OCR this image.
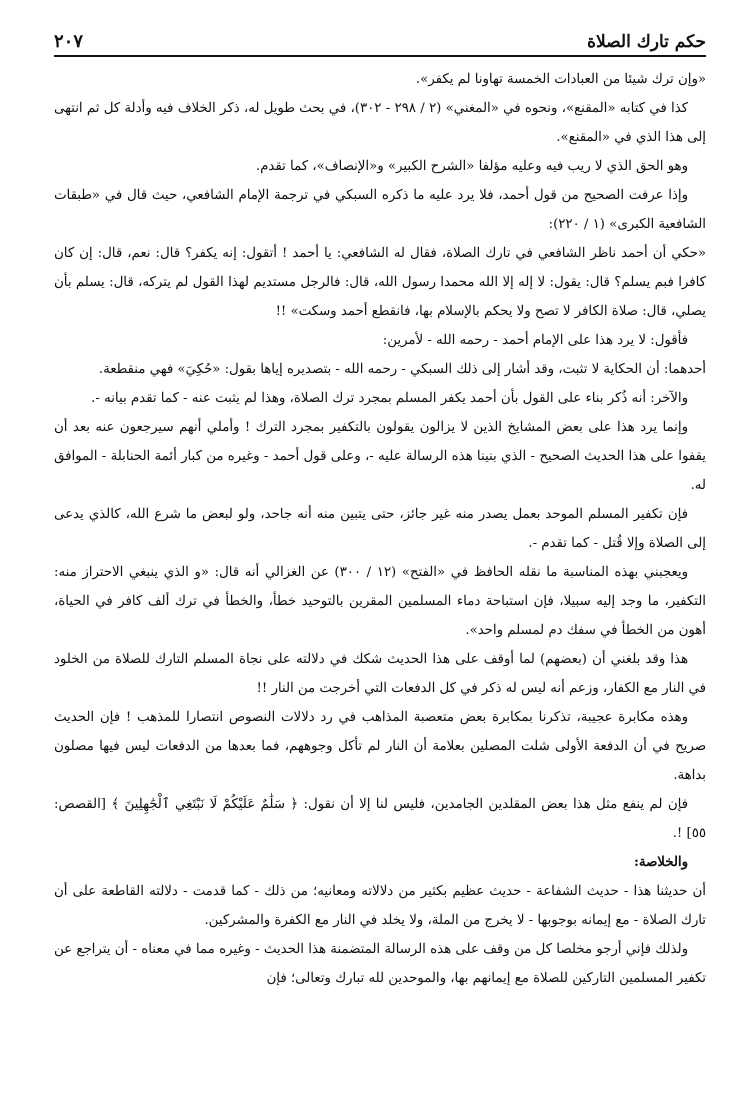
حكم تارك الصلاة
٢٠٧

«وإن ترك شيئا من العبادات الخمسة تهاونا لم يكفر».

كذا في كتابه «المقنع»، ونحوه في «المغني» (٢ / ٢٩٨ - ٣٠٢)، في بحث طويل له، ذكر الخلاف فيه وأدلة كل ثم انتهى إلى هذا الذي في «المقنع».

وهو الحق الذي لا ريب فيه وعليه مؤلفا «الشرح الكبير» و«الإنصاف»، كما تقدم.

وإذا عرفت الصحيح من قول أحمد، فلا يرد عليه ما ذكره السبكي في ترجمة الإمام الشافعي، حيث قال في «طبقات الشافعية الكبرى» (١ / ٢٢٠):

«حكي أن أحمد ناظر الشافعي في تارك الصلاة، فقال له الشافعي: يا أحمد ! أتقول: إنه يكفر؟ قال: نعم، قال: إن كان كافرا فبم يسلم؟ قال: يقول: لا إله إلا الله محمدا رسول الله، قال: فالرجل مستديم لهذا القول لم يتركه، قال: يسلم بأن يصلي، قال: صلاة الكافر لا تصح ولا يحكم بالإسلام بها، فانقطع أحمد وسكت» !!

فأقول: لا يرد هذا على الإمام أحمد - رحمه الله - لأمرين:

أحدهما: أن الحكاية لا تثبت، وقد أشار إلى ذلك السبكي - رحمه الله - بتصديره إياها بقول: «حُكِيَ» فهي منقطعة.

والآخر: أنه ذُكر بناء على القول بأن أحمد يكفر المسلم بمجرد ترك الصلاة، وهذا لم يثبت عنه - كما تقدم بيانه -.

وإنما يرد هذا على بعض المشايخ الذين لا يزالون يقولون بالتكفير بمجرد الترك ! وأملي أنهم سيرجعون عنه بعد أن يقفوا على هذا الحديث الصحيح - الذي بنينا هذه الرسالة عليه -، وعلى قول أحمد - وغيره من كبار أئمة الحنابلة - الموافق له.

فإن تكفير المسلم الموحد بعمل يصدر منه غير جائز، حتى يتبين منه أنه جاحد، ولو لبعض ما شرع الله، كالذي يدعى إلى الصلاة وإلا قُتل - كما تقدم -.

ويعجبني بهذه المناسبة ما نقله الحافظ في «الفتح» (١٢ / ٣٠٠) عن الغزالي أنه قال: «و الذي ينبغي الاحتراز منه: التكفير، ما وجد إليه سبيلا، فإن استباحة دماء المسلمين المقرين بالتوحيد خطأ، والخطأ في ترك ألف كافر في الحياة، أهون من الخطأ في سفك دم لمسلم واحد».

هذا وقد بلغني أن (بعضهم) لما أوقف على هذا الحديث شكك في دلالته على نجاة المسلم التارك للصلاة من الخلود في النار مع الكفار، وزعم أنه ليس له ذكر في كل الدفعات التي أخرجت من النار !!

وهذه مكابرة عجيبة، تذكرنا بمكابرة بعض متعصبة المذاهب في رد دلالات النصوص انتصارا للمذهب ! فإن الحديث صريح في أن الدفعة الأولى شلت المصلين بعلامة أن النار لم تأكل وجوههم، فما بعدها من الدفعات ليس فيها مصلون بداهة.

فإن لم ينفع مثل هذا بعض المقلدين الجامدين، فليس لنا إلا أن نقول: ﴿ سَلَٰمٌ عَلَيْكُمْ لَا نَبْتَغِي ٱلْجَٰهِلِينَ ﴾ [القصص: ٥٥] !.

والخلاصة:

أن حديثنا هذا - حديث الشفاعة - حديث عظيم بكثير من دلالاته ومعانيه؛ من ذلك - كما قدمت - دلالته القاطعة على أن تارك الصلاة - مع إيمانه بوجوبها - لا يخرج من الملة، ولا يخلد في النار مع الكفرة والمشركين.

ولذلك فإني أرجو مخلصا كل من وقف على هذه الرسالة المتضمنة هذا الحديث - وغيره مما في معناه - أن يتراجع عن تكفير المسلمين التاركين للصلاة مع إيمانهم بها، والموحدين لله تبارك وتعالى؛ فإن
